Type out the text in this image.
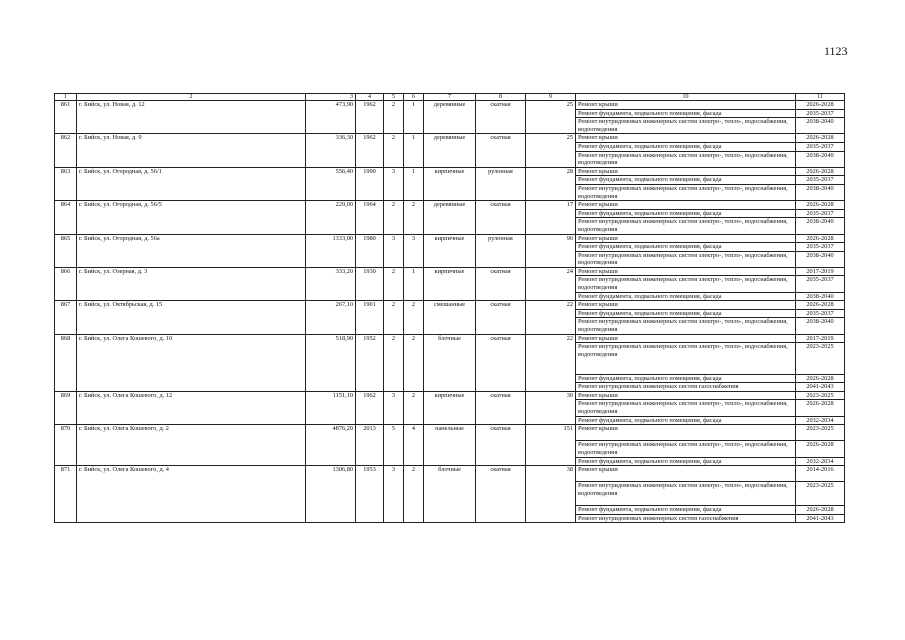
1123
1	2	3	4	5	6	7	8	9	10	11
861	г. Бийск, ул. Новая, д. 12	473,90	1962	2	1	деревянные	скатная	25	Ремонт крыши	2026-2028
									Ремонт фундамента, подвального помещения, фасада	2035-2037
									Ремонт внутридомовых инженерных систем электро-, тепло-, водоснабжения, водоотведения	2038-2040
862	г. Бийск, ул. Новая, д. 9	336,30	1962	2	1	деревянные	скатная	25	Ремонт крыши	2026-2028
									Ремонт фундамента, подвального помещения, фасада	2035-2037
									Ремонт внутридомовых инженерных систем электро-, тепло-, водоснабжения, водоотведения	2038-2040
863	г. Бийск, ул. Огородная, д. 56/1	556,40	1990	3	1	кирпичные	рулонная	28	Ремонт крыши	2026-2028
									Ремонт фундамента, подвального помещения, фасада	2035-2037
									Ремонт внутридомовых инженерных систем электро-, тепло-, водоснабжения, водоотведения	2038-2040
864	г. Бийск, ул. Огородная, д. 56/5	229,00	1964	2	2	деревянные	скатная	17	Ремонт крыши	2026-2028
									Ремонт фундамента, подвального помещения, фасада	2035-2037
									Ремонт внутридомовых инженерных систем электро-, тепло-, водоснабжения, водоотведения	2038-2040
865	г. Бийск, ул. Огородная, д. 56а	1333,00	1980	3	3	кирпичные	рулонная	90	Ремонт крыши	2026-2028
									Ремонт фундамента, подвального помещения, фасада	2035-2037
									Ремонт внутридомовых инженерных систем электро-, тепло-, водоснабжения, водоотведения	2038-2040
866	г. Бийск, ул. Озерная, д. 3	333,20	1930	2	1	кирпичные	скатная	24	Ремонт крыши	2017-2019
									Ремонт внутридомовых инженерных систем электро-, тепло-, водоснабжения, водоотведения	2035-2037
									Ремонт фундамента, подвального помещения, фасада	2038-2040
867	г. Бийск, ул. Октябрьская, д. 15	267,10	1901	2	2	смешанные	скатная	22	Ремонт крыши	2026-2028
									Ремонт фундамента, подвального помещения, фасада	2035-2037
									Ремонт внутридомовых инженерных систем электро-, тепло-, водоснабжения, водоотведения	2038-2040
868	г. Бийск, ул. Олега Кошевого, д. 10	518,90	1952	2	2	блочные	скатная	22	Ремонт крыши	2017-2019
									Ремонт внутридомовых инженерных систем электро-, тепло-, водоснабжения, водоотведения	2023-2025
									Ремонт фундамента, подвального помещения, фасада	2026-2028
									Ремонт внутридомовых инженерных систем газоснабжения	2041-2043
869	г. Бийск, ул. Олега Кошевого, д. 12	1151,10	1962	3	2	кирпичные	скатная	30	Ремонт крыши	2023-2025
									Ремонт внутридомовых инженерных систем электро-, тепло-, водоснабжения, водоотведения	2026-2028
									Ремонт фундамента, подвального помещения, фасада	2032-2034
870	г. Бийск, ул. Олега Кошевого, д. 2	4876,20	2013	5	4	панельные	скатная	151	Ремонт крыши	2023-2025
									Ремонт внутридомовых инженерных систем электро-, тепло-, водоснабжения, водоотведения	2026-2028
									Ремонт фундамента, подвального помещения, фасада	2032-2034
871	г. Бийск, ул. Олега Кошевого, д. 4	1306,80	1953	3	2	блочные	скатная	38	Ремонт крыши	2014-2016
									Ремонт внутридомовых инженерных систем электро-, тепло-, водоснабжения, водоотведения	2023-2025
									Ремонт фундамента, подвального помещения, фасада	2026-2028
									Ремонт внутридомовых инженерных систем газоснабжения	2041-2043
